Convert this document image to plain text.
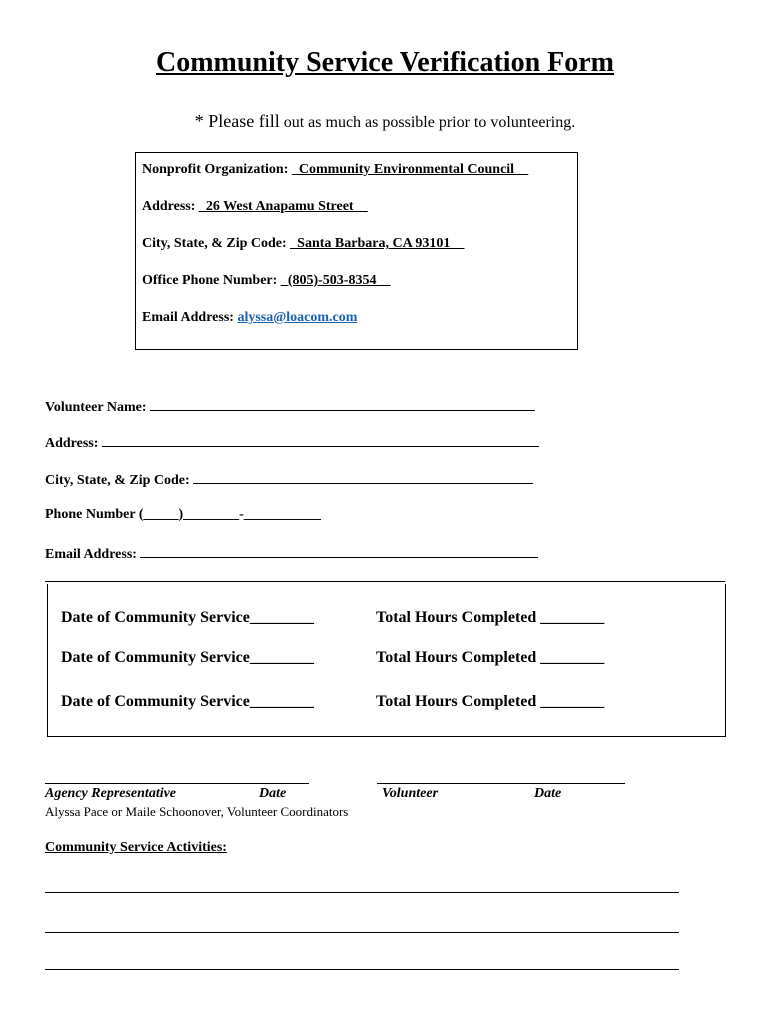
Community Service Verification Form
* Please fill out as much as possible prior to volunteering.
Nonprofit Organization: _Community Environmental Council__
Address: _26 West Anapamu Street__
City, State, & Zip Code: _Santa Barbara, CA 93101__
Office Phone Number: _(805)-503-8354__
Email Address: alyssa@loacom.com
Volunteer Name:
Address:
City, State, & Zip Code:
Phone Number (_____)________-___________
Email Address:
Date of Community Service________	Total Hours Completed ________
Date of Community Service________	Total Hours Completed ________
Date of Community Service________	Total Hours Completed ________
Agency Representative	Date	Volunteer	Date
Alyssa Pace or Maile Schoonover, Volunteer Coordinators
Community Service Activities:
